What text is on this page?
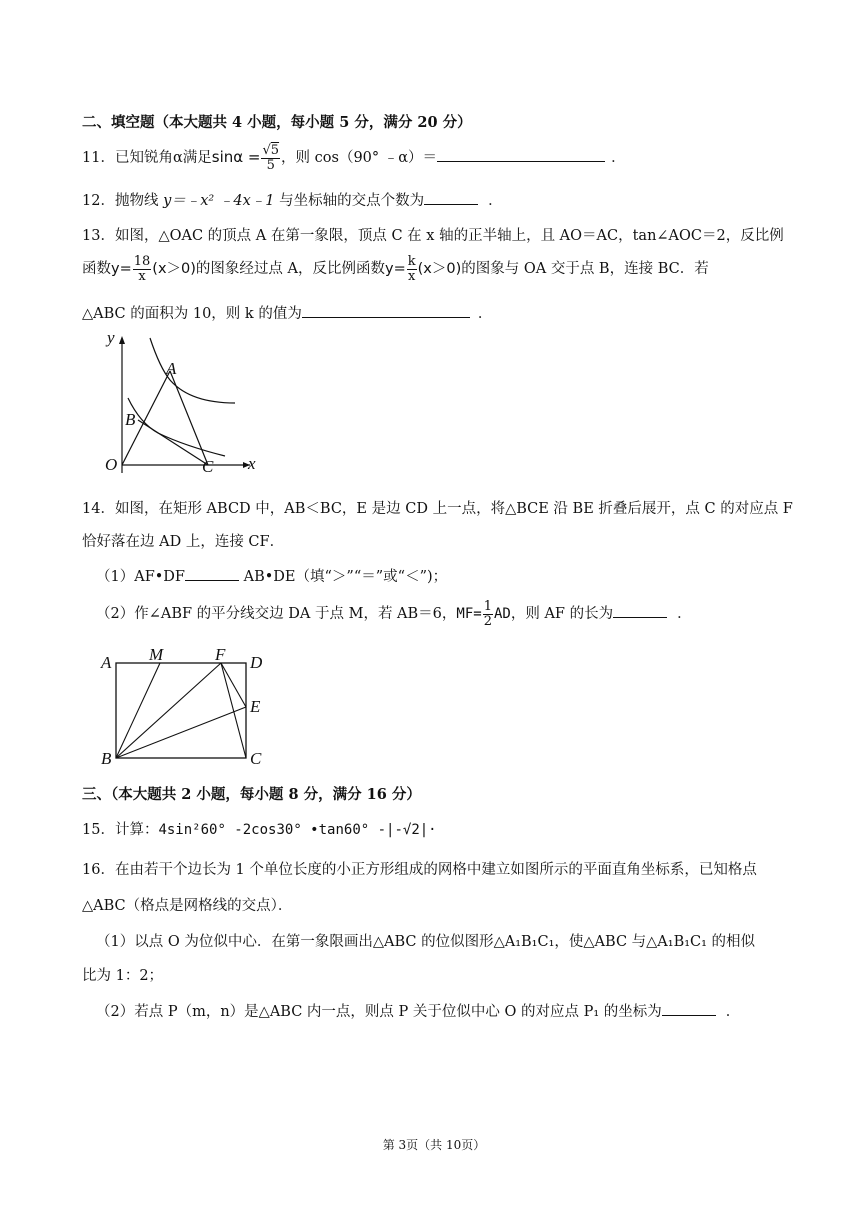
二、填空题（本大题共 4 小题，每小题 5 分，满分 20 分）
11．已知锐角α满足$\sin\alpha = \frac{√5}{5}$ ，则 cos（90° ﹣α）＝	．
12．抛物线 y＝﹣x² ﹣4x﹣1 与坐标轴的交点个数为	．
13．如图，△OAC 的顶点 A 在第一象限，顶点 C 在 x 轴的正半轴上，且 AO＝AC，tan∠AOC＝2，反比例
函数$y= \frac{18}{x} (x>0)$的图象经过点 A，反比例函数$y= \frac{k}{x} (x>0)$的图象与 OA 交于点 B，连接 BC．若
△ABC 的面积为 10，则 k 的值为	．
y
A
B
O	C x
14．如图，在矩形 ABCD 中，AB＜BC，E 是边 CD 上一点，将△BCE 沿 BE 折叠后展开，点 C 的对应点 F
恰好落在边 AD 上，连接 CF．
（1）AF•DF	AB•DE（填“＞”“＝”或“＜”)；
（2）作∠ABF 的平分线交边 DA 于点 M，若 AB＝6，$MF= \frac{1}{2}$ AD，则 AF 的长为	．
A M	F D
E
B	C
三、（本大题共 2 小题，每小题 8 分，满分 16 分）
15．计算：4sin²60° -2cos30° •tan60° -|-√2|·
16．在由若干个边长为 1 个单位长度的小正方形组成的网格中建立如图所示的平面直角坐标系，已知格点
△ABC（格点是网格线的交点）．
（1）以点 O 为位似中心．在第一象限画出△ABC 的位似图形△A₁B₁C₁，使△ABC 与△A₁B₁C₁ 的相似
比为 1：2；
（2）若点 P（m，n）是△ABC 内一点，则点 P 关于位似中心 O 的对应点 P₁ 的坐标为	．
第 3页（共 10页）
